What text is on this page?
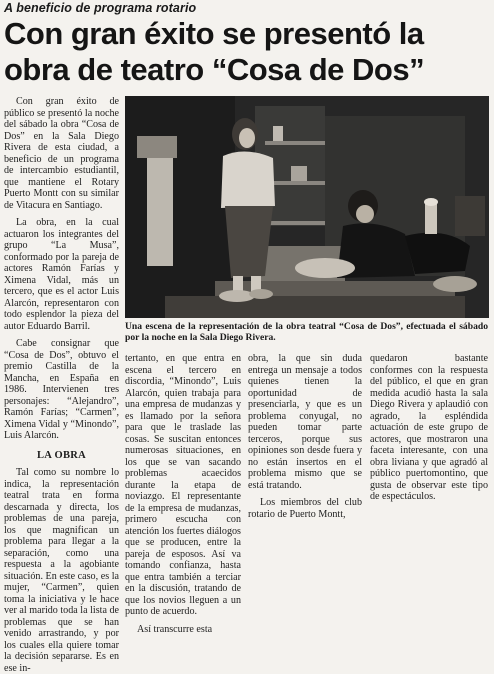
A beneficio de programa rotario
Con gran éxito se presentó la obra de teatro “Cosa de Dos”

Con gran éxito de público se presentó la noche del sábado la obra “Cosa de Dos” en la Sala Diego Rivera de esta ciudad, a beneficio de un programa de intercambio estudiantil, que mantiene el Rotary Puerto Montt con su similar de Vitacura en Santiago.

La obra, en la cual actuaron los integrantes del grupo “La Musa”, conformado por la pareja de actores Ramón Farías y Ximena Vidal, más un tercero, que es el actor Luis Alarcón, representaron con todo esplendor la pieza del autor Eduardo Barril.

Cabe consignar que “Cosa de Dos”, obtuvo el premio Castilla de la Mancha, en España en 1986. Intervienen tres personajes: “Alejandro”, Ramón Farías; “Carmen”, Ximena Vidal y “Minondo”, Luis Alarcón.

LA OBRA

Tal como su nombre lo indica, la representación teatral trata en forma descarnada y directa, los problemas de una pareja, los que magnifican un problema para llegar a la separación, como una respuesta a la agobiante situación. En este caso, es la mujer, “Carmen”, quien toma la iniciativa y le hace ver al marido toda la lista de problemas que se han venido arrastrando, y por los cuales ella quiere tomar la decisión separarse. Es en ese in-

Una escena de la representación de la obra teatral “Cosa de Dos”, efectuada el sábado por la noche en la Sala Diego Rivera.

tertanto, en que entra en escena el tercero en discordia, “Minondo”, Luis Alarcón, quien trabaja para una empresa de mudanzas y es llamado por la señora para que le traslade las cosas. Se suscitan entonces numerosas situaciones, en los que se van sacando problemas acaecidos durante la etapa de noviazgo. El representante de la empresa de mudanzas, primero escucha con atención los fuertes diálogos que se producen, entre la pareja de esposos. Así va tomando confianza, hasta que entra también a terciar en la discusión, tratando de que los novios lleguen a un punto de acuerdo.

Así transcurre esta

obra, la que sin duda entrega un mensaje a todos quienes tienen la oportunidad de presenciarla, y que es un problema conyugal, no pueden tomar parte terceros, porque sus opiniones son desde fuera y no están insertos en el problema mismo que se está tratando.

Los miembros del club rotario de Puerto Montt,

quedaron bastante conformes con la respuesta del público, el que en gran medida acudió hasta la sala Diego Rivera y aplaudió con agrado, la espléndida actuación de este grupo de actores, que mostraron una faceta interesante, con una obra liviana y que agradó al público puertomontino, que gusta de observar este tipo de espectáculos.
